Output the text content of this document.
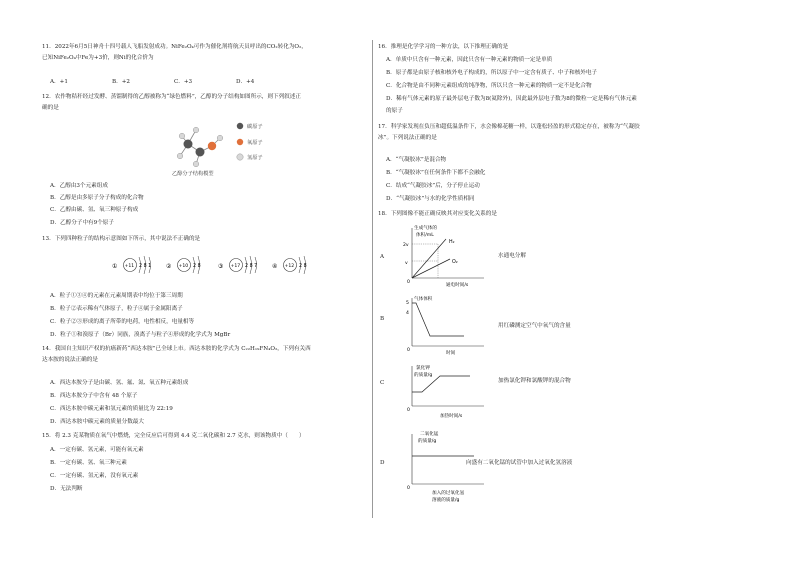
11．2022年6月5日神舟十四号载人飞船发射成功。NiFe₂O₄可作为催化剂将航天员呼出的CO₂转化为O₂，
已知NiFe₂O₄中Fe为+3价，则Ni的化合价为
A．+1	B．+2	C．+3	D．+4
12．农作物秸秆经过发酵、蒸馏制得的乙醇被称为“绿色燃料”，乙醇的分子结构如图所示，则下列叙述正
确的是
碳原子
氧原子
氢原子
乙醇分子结构模型
A．乙醇由3个元素组成
B．乙醇是由多原子分子构成的化合物
C．乙醇由碳、氢、氧三种原子构成
D．乙醇分子中有9个原子
13．下列四种粒子的结构示意图如下所示，其中说法不正确的是
① +11 2 8 1 ② +10 2 8	③ +17 2 8 7 ④ +12 2 8
A．粒子①③④的元素在元素周期表中均位于第三周期
B．粒子②表示稀有气体原子，粒子④属于金属阳离子
C．粒子②③形成的离子所带的电荷，电性相反，电量相等
D．粒子①和溴原子（Br）同族，溴离子与粒子④形成的化学式为 MgBr
14．我国自主知识产权的抗癌新药“西达本胺”已全球上市。西达本胺的化学式为 C₂₂H₁₉FN₄O₂，下列有关西
达本胺的说法正确的是
A．西达本胺分子是由碳、氢、氟、氮、氧五种元素组成
B．西达本胺分子中含有 48 个原子
C．西达本胺中碳元素和氢元素的质量比为 22:19
D．西达本胺中碳元素的质量分数最大
15．将 2.3 克某物质在氧气中燃烧，完全反应后可得到 4.4 克二氧化碳和 2.7 克水，则该物质中（　　）
A．一定有碳、氢元素，可能有氧元素
B．一定有碳、氢、氧三种元素
C．一定有碳、氢元素，没有氧元素
D．无法判断
16．推理是化学学习的一种方法，以下推理正确的是
A．单质中只含有一种元素，因此只含有一种元素的物质一定是单质
B．原子都是由原子核和核外电子构成的，所以原子中一定含有质子、中子和核外电子
C．化合物是由不同种元素组成的纯净物，所以只含一种元素的物质一定不是化合物
D．稀有气体元素的原子最外层电子数为8(氦除外)，因此最外层电子数为8的微粒一定是稀有气体元素
的原子
17．科学家发现在负压和超低温条件下，水会像棉花糖一样，以蓬松轻盈的形式稳定存在，被称为“气凝胶
冰”。下列说法正确的是
A．“气凝胶冰”是混合物
B．“气凝胶冰”在任何条件下都不会融化
C．结成“气凝胶冰”后，分子停止运动
D．“气凝胶冰”与水的化学性质相同
18．下列图像不能正确反映其对应变化关系的是
A
生成气体的
体积/mL
2v
v
H₂
O₂
0
通电时间/s
水通电分解
B
气体体积
5
4
0
时间
用红磷测定空气中氧气的含量
C
氯化钾
的质量/g
0
加热时间/s
加热氯化钾和氯酸钾的混合物
D
二氧化锰
的质量/g
0
加入的过氧化氢
溶液的质量/g
向盛有二氧化锰的试管中加入过氧化氢溶液
